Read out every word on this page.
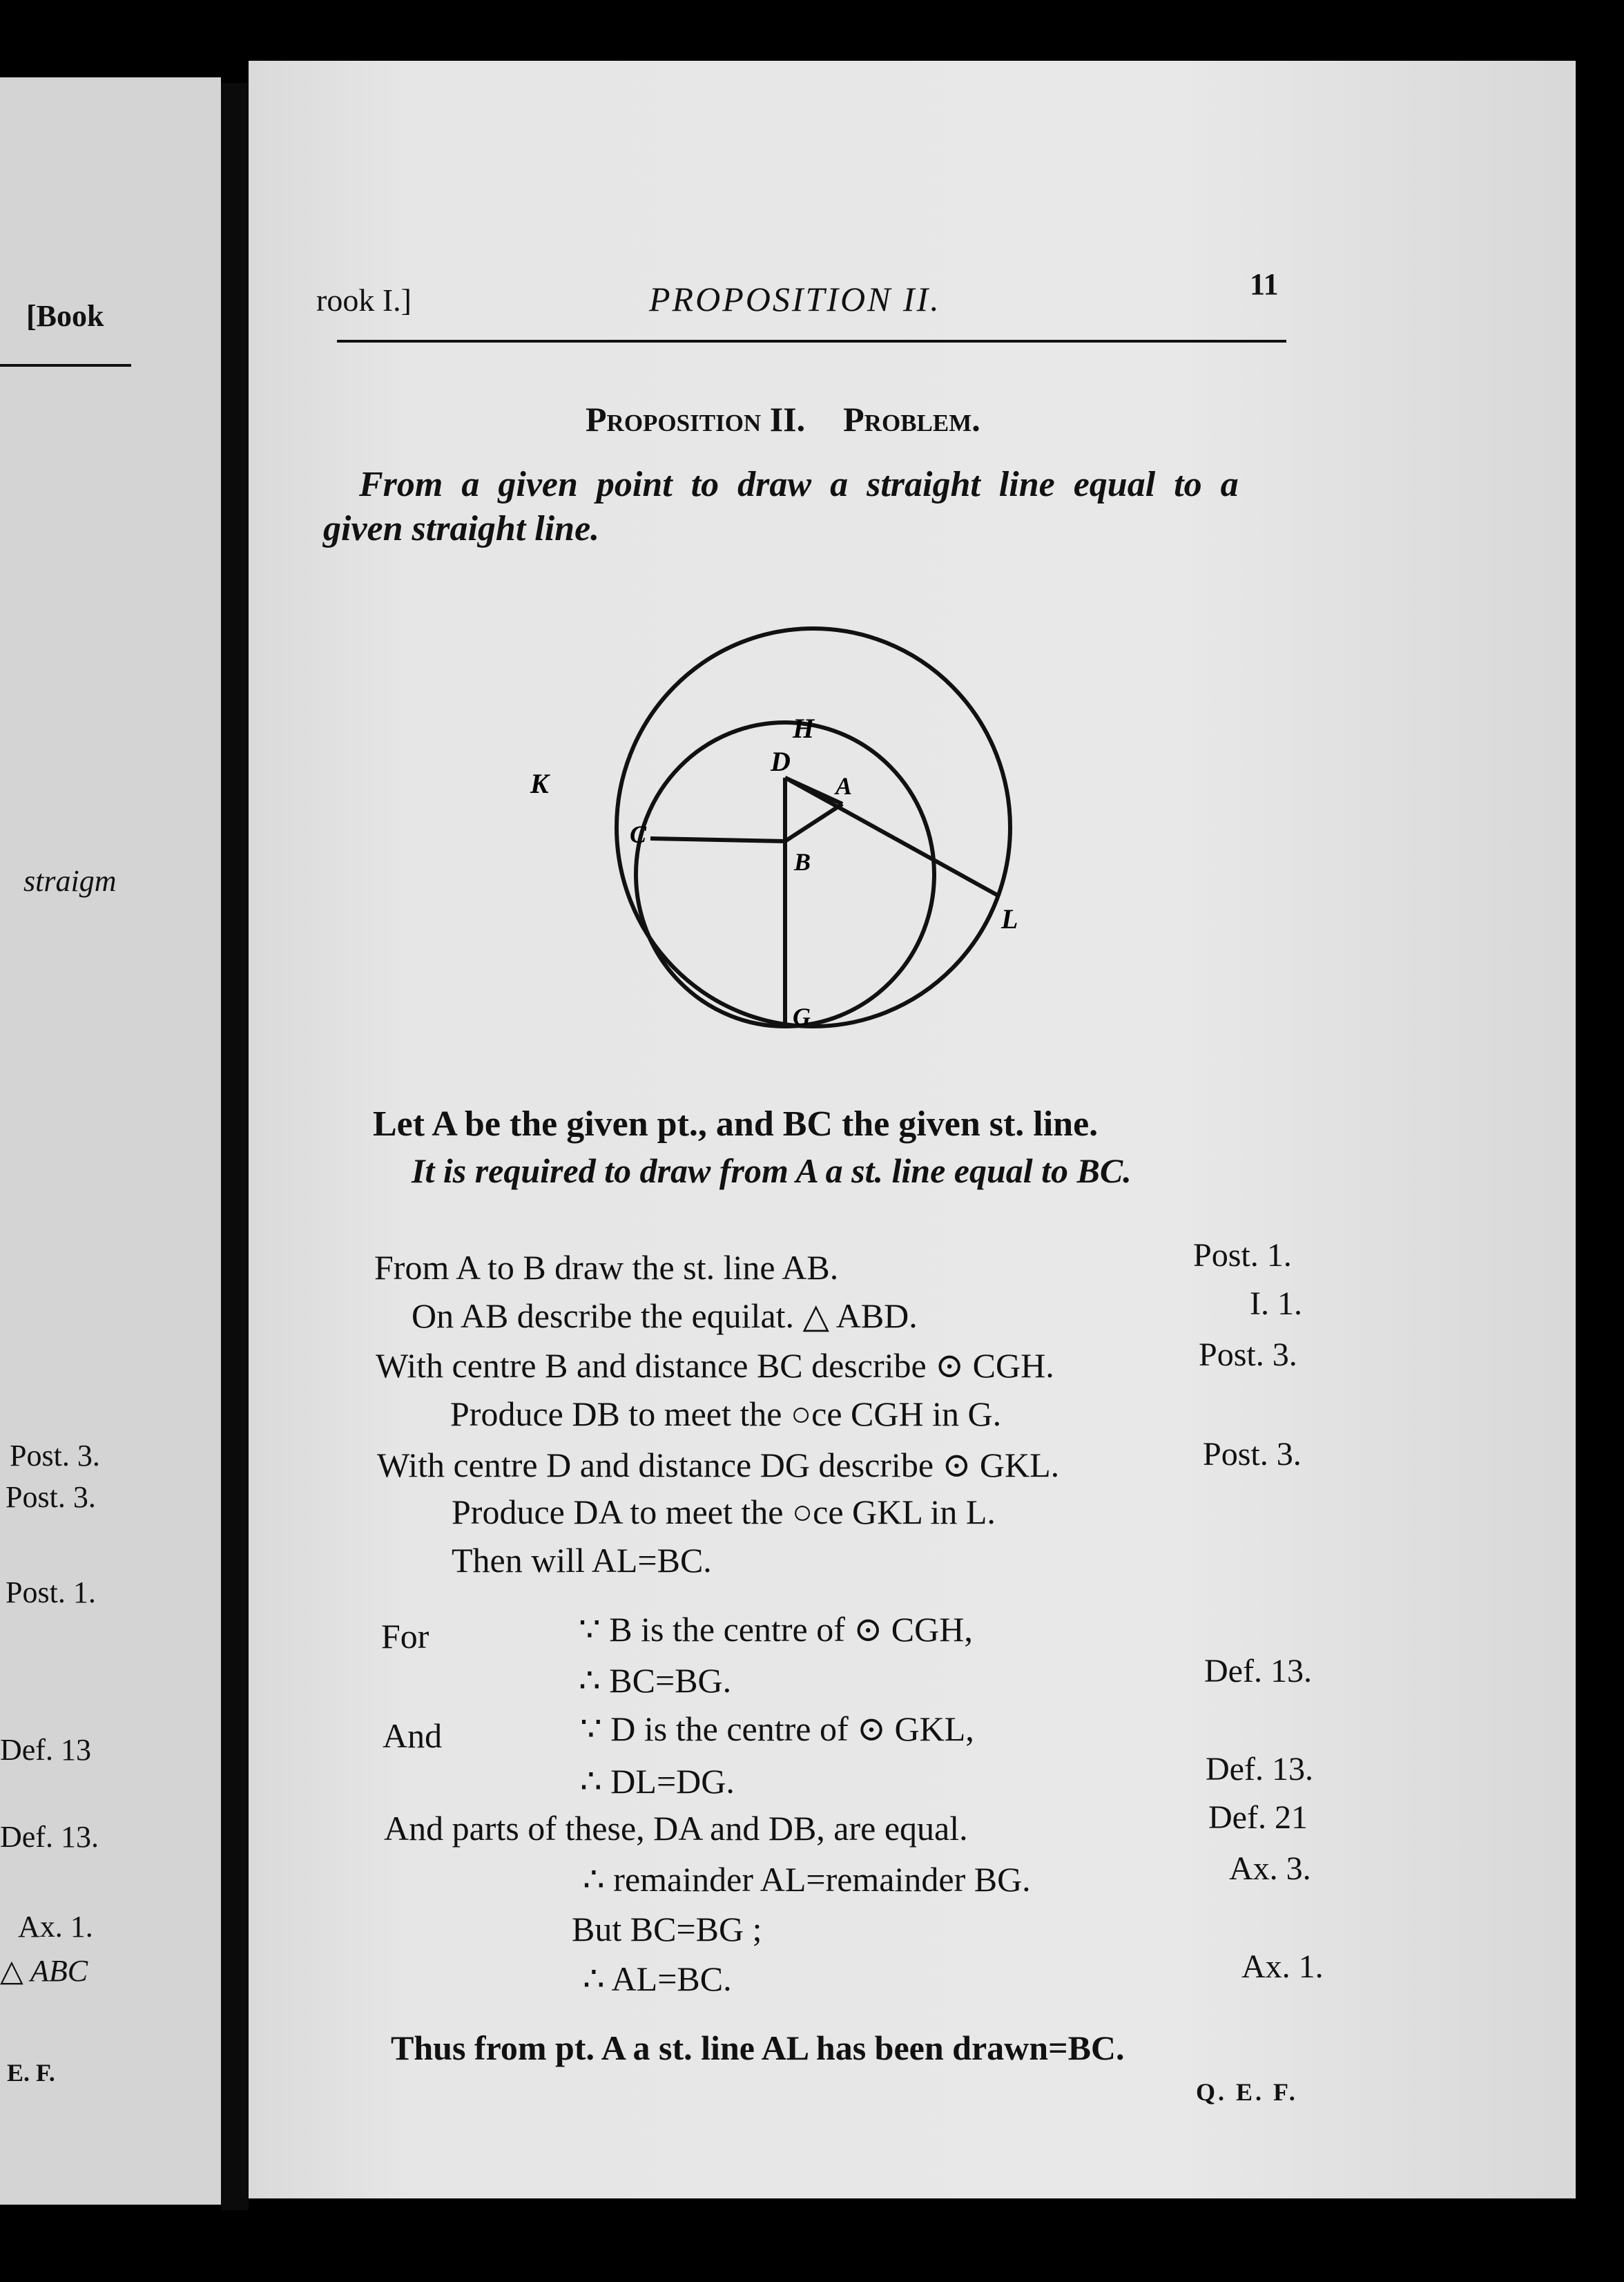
[Book
straigm
Post. 3.
Post. 3.
Post. 1.
Def. 13
Def. 13.
Ax. 1.
△ ABC
E. F.
rook I.]	PROPOSITION II.	11
Proposition II. Problem.
From a given point to draw a straight line equal to a
given straight line.
H
K
D
A
C
B
L
G
Let A be the given pt., and BC the given st. line.
It is required to draw from A a st. line equal to BC.
From A to B draw the st. line AB.	Post. 1.
On AB describe the equilat. △ ABD.	I. 1.
With centre B and distance BC describe ⊙ CGH.	Post. 3.
Produce DB to meet the ○ce CGH in G.
With centre D and distance DG describe ⊙ GKL.	Post. 3.
Produce DA to meet the ○ce GKL in L.
Then will AL=BC.
For	∵ B is the centre of ⊙ CGH,
∴ BC=BG.	Def. 13.
And	∵ D is the centre of ⊙ GKL,
∴ DL=DG.	Def. 13.
And parts of these, DA and DB, are equal.	Def. 21
∴ remainder AL=remainder BG.	Ax. 3.
But BC=BG ;
∴ AL=BC.	Ax. 1.
Thus from pt. A a st. line AL has been drawn=BC.
Q. E. F.
